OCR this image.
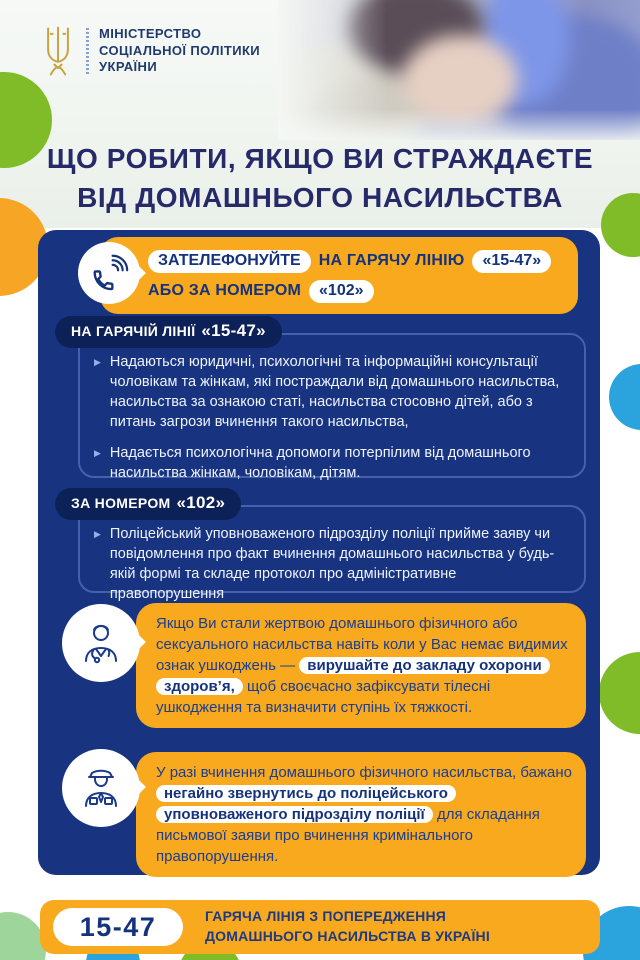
МІНІСТЕРСТВО
СОЦІАЛЬНОЇ ПОЛІТИКИ
УКРАЇНИ
ЩО РОБИТИ, ЯКЩО ВИ СТРАЖДАЄТЕ
ВІД ДОМАШНЬОГО НАСИЛЬСТВА
ЗАТЕЛЕФОНУЙТЕ	НА ГАРЯЧУ ЛІНІЮ	«15-47»
АБО ЗА НОМЕРОМ	«102»
НА ГАРЯЧІЙ ЛІНІЇ «15-47»
▶ Надаються юридичні, психологічні та інформаційні консультації чоловікам та жінкам, які постраждали від домашнього насильства, насильства за ознакою статі, насильства стосовно дітей, або з питань загрози вчинення такого насильства,
▶ Надається психологічна допомоги потерпілим від домашнього насильства жінкам, чоловікам, дітям.
ЗА НОМЕРОМ «102»
▶ Поліцейський уповноваженого підрозділу поліції прийме заяву чи повідомлення про факт вчинення домашнього насильства у будь-якій формі та складе протокол про адміністративне правопорушення
Якщо Ви стали жертвою домашнього фізичного або сексуального насильства навіть коли у Вас немає видимих ознак ушкоджень — вирушайте до закладу охорони здоров’я, щоб своєчасно зафіксувати тілесні ушкодження та визначити ступінь їх тяжкості.
У разі вчинення домашнього фізичного насильства, бажано негайно звернутись до поліцейського уповноваженого підрозділу поліції для складання письмової заяви про вчинення кримінального правопорушення.
15-47	ГАРЯЧА ЛІНІЯ З ПОПЕРЕДЖЕННЯ
ДОМАШНЬОГО НАСИЛЬСТВА В УКРАЇНІ
